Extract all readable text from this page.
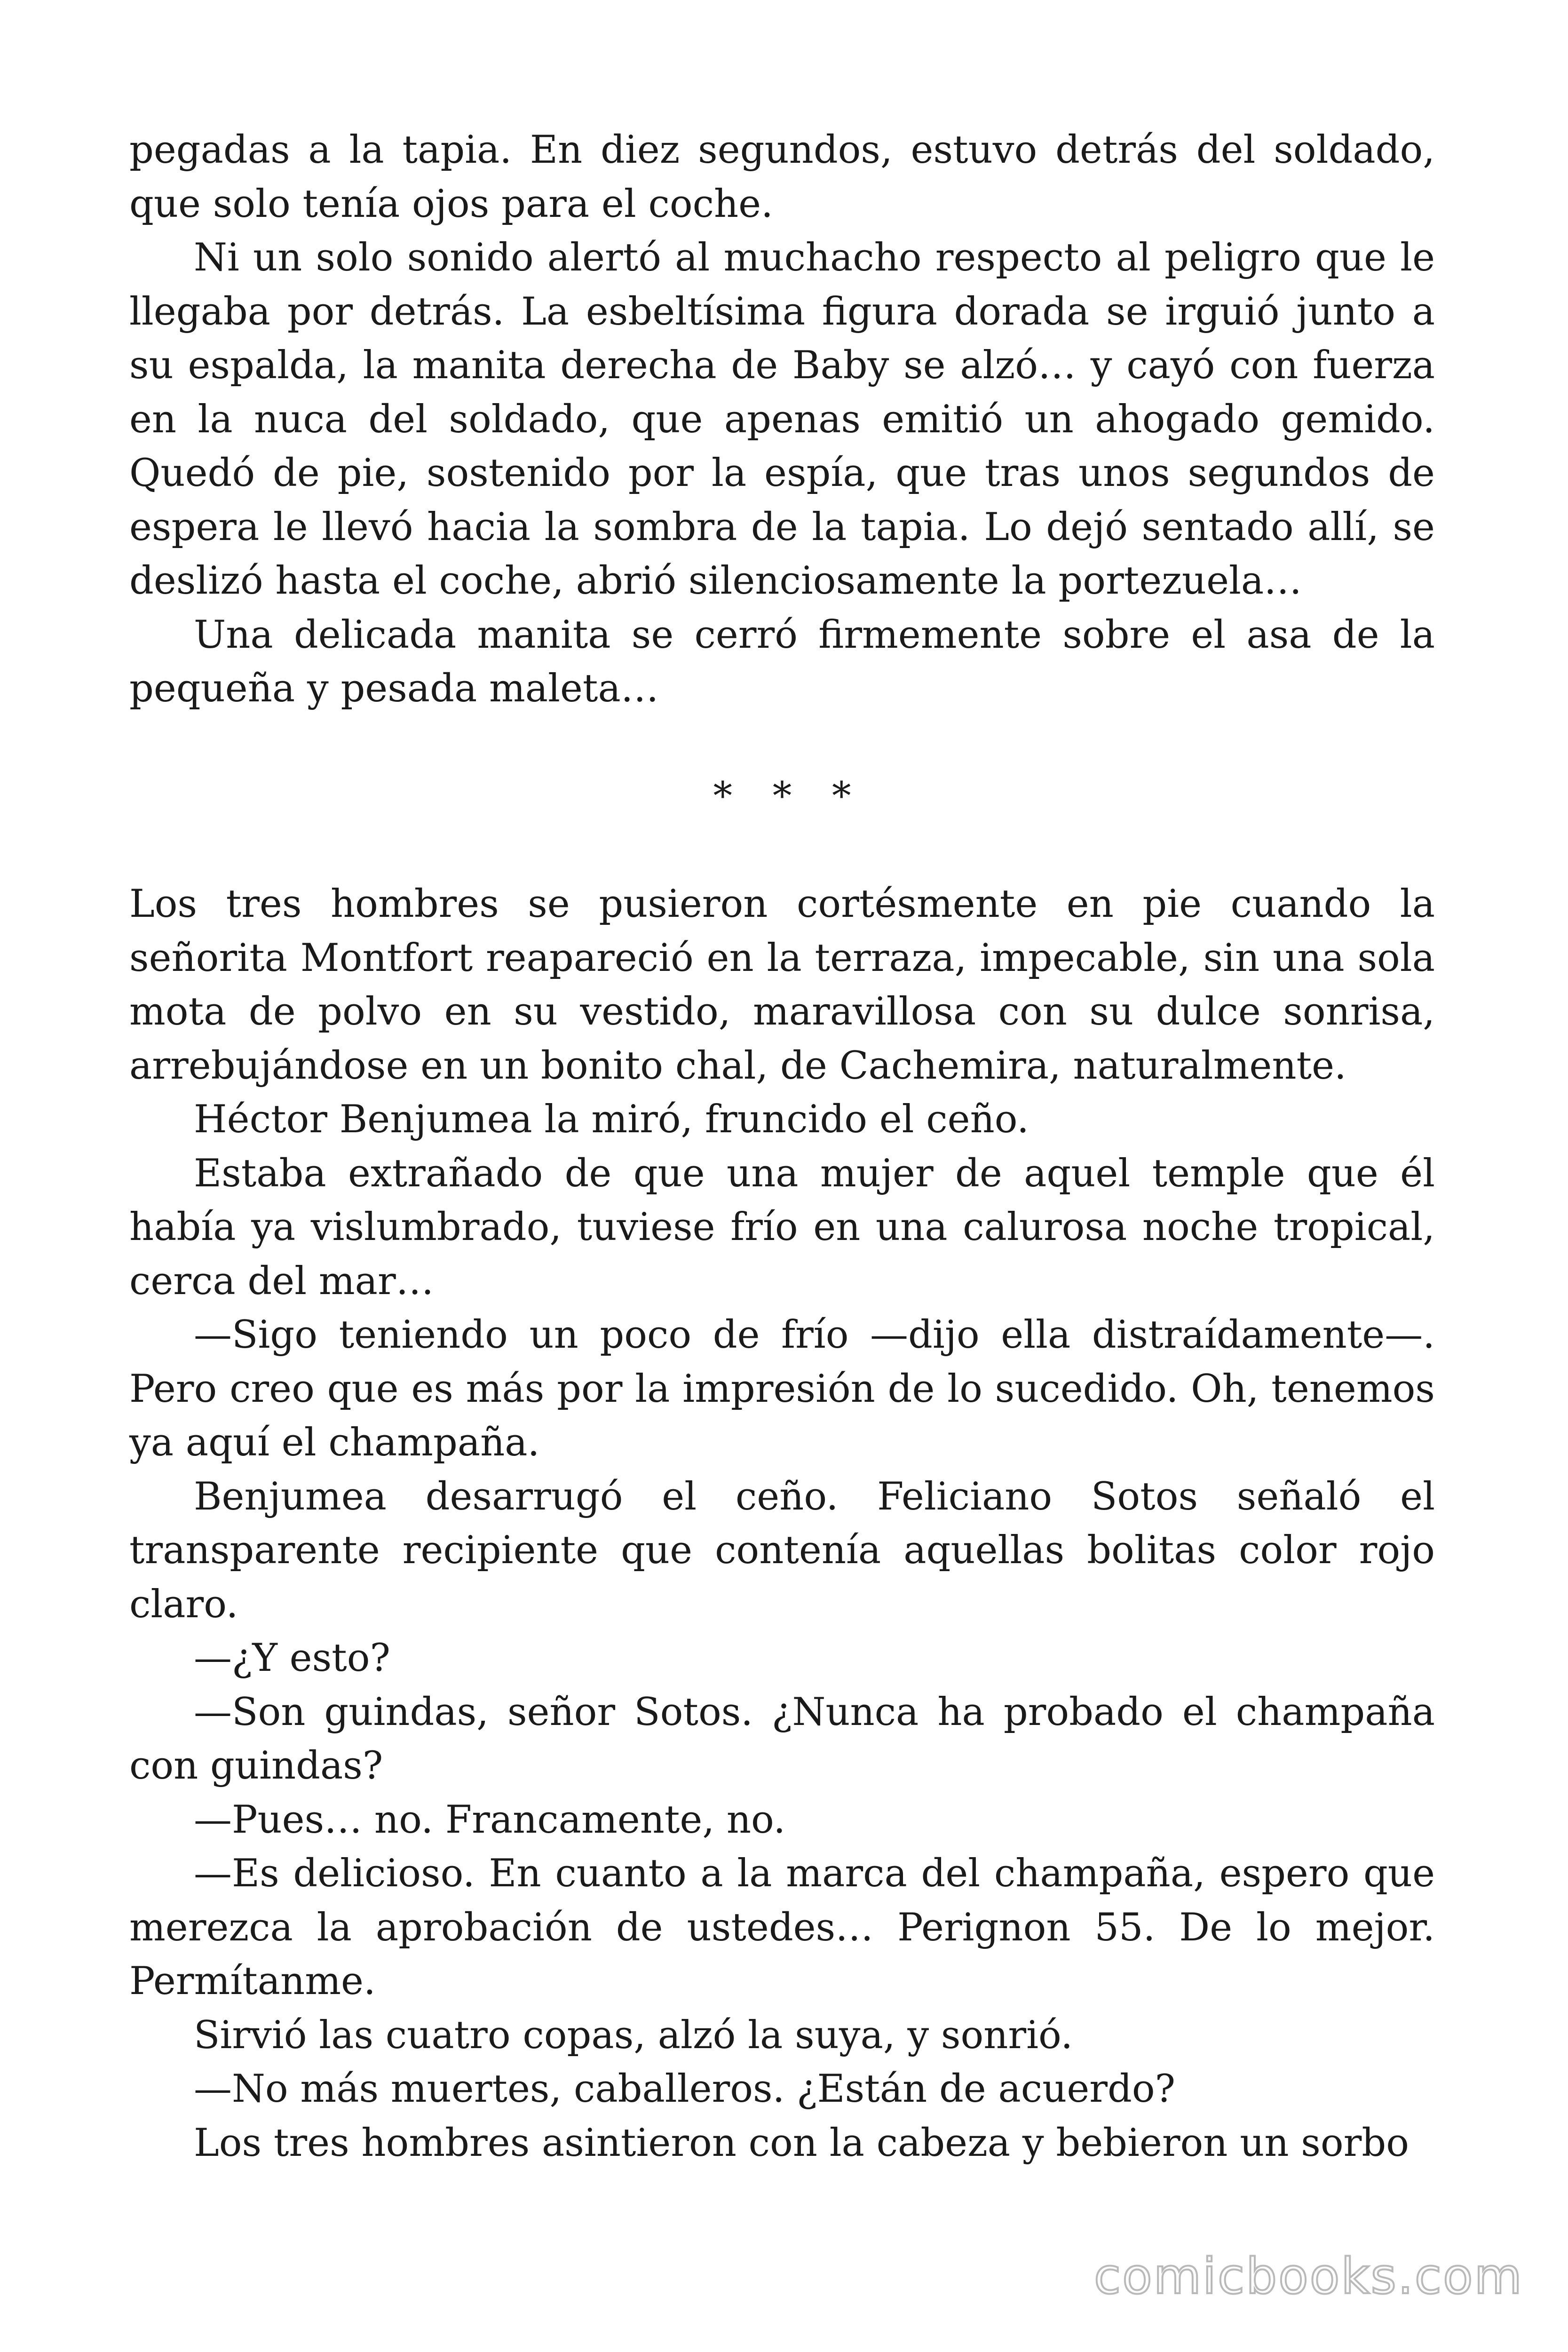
pegadas a la tapia. En diez segundos, estuvo detrás del soldado, que solo tenía ojos para el coche.

Ni un solo sonido alertó al muchacho respecto al peligro que le llegaba por detrás. La esbeltísima figura dorada se irguió junto a su espalda, la manita derecha de Baby se alzó… y cayó con fuerza en la nuca del soldado, que apenas emitió un ahogado gemido. Quedó de pie, sostenido por la espía, que tras unos segundos de espera le llevó hacia la sombra de la tapia. Lo dejó sentado allí, se deslizó hasta el coche, abrió silenciosamente la portezuela…

Una delicada manita se cerró firmemente sobre el asa de la pequeña y pesada maleta…

* * *

Los tres hombres se pusieron cortésmente en pie cuando la señorita Montfort reapareció en la terraza, impecable, sin una sola mota de polvo en su vestido, maravillosa con su dulce sonrisa, arrebujándose en un bonito chal, de Cachemira, naturalmente.

Héctor Benjumea la miró, fruncido el ceño.

Estaba extrañado de que una mujer de aquel temple que él había ya vislumbrado, tuviese frío en una calurosa noche tropical, cerca del mar…

—Sigo teniendo un poco de frío —dijo ella distraídamente—. Pero creo que es más por la impresión de lo sucedido. Oh, tenemos ya aquí el champaña.

Benjumea desarrugó el ceño. Feliciano Sotos señaló el transparente recipiente que contenía aquellas bolitas color rojo claro.

—¿Y esto?

—Son guindas, señor Sotos. ¿Nunca ha probado el champaña con guindas?

—Pues… no. Francamente, no.

—Es delicioso. En cuanto a la marca del champaña, espero que merezca la aprobación de ustedes… Perignon 55. De lo mejor. Permítanme.

Sirvió las cuatro copas, alzó la suya, y sonrió.

—No más muertes, caballeros. ¿Están de acuerdo?

Los tres hombres asintieron con la cabeza y bebieron un sorbo

comicbooks.com
